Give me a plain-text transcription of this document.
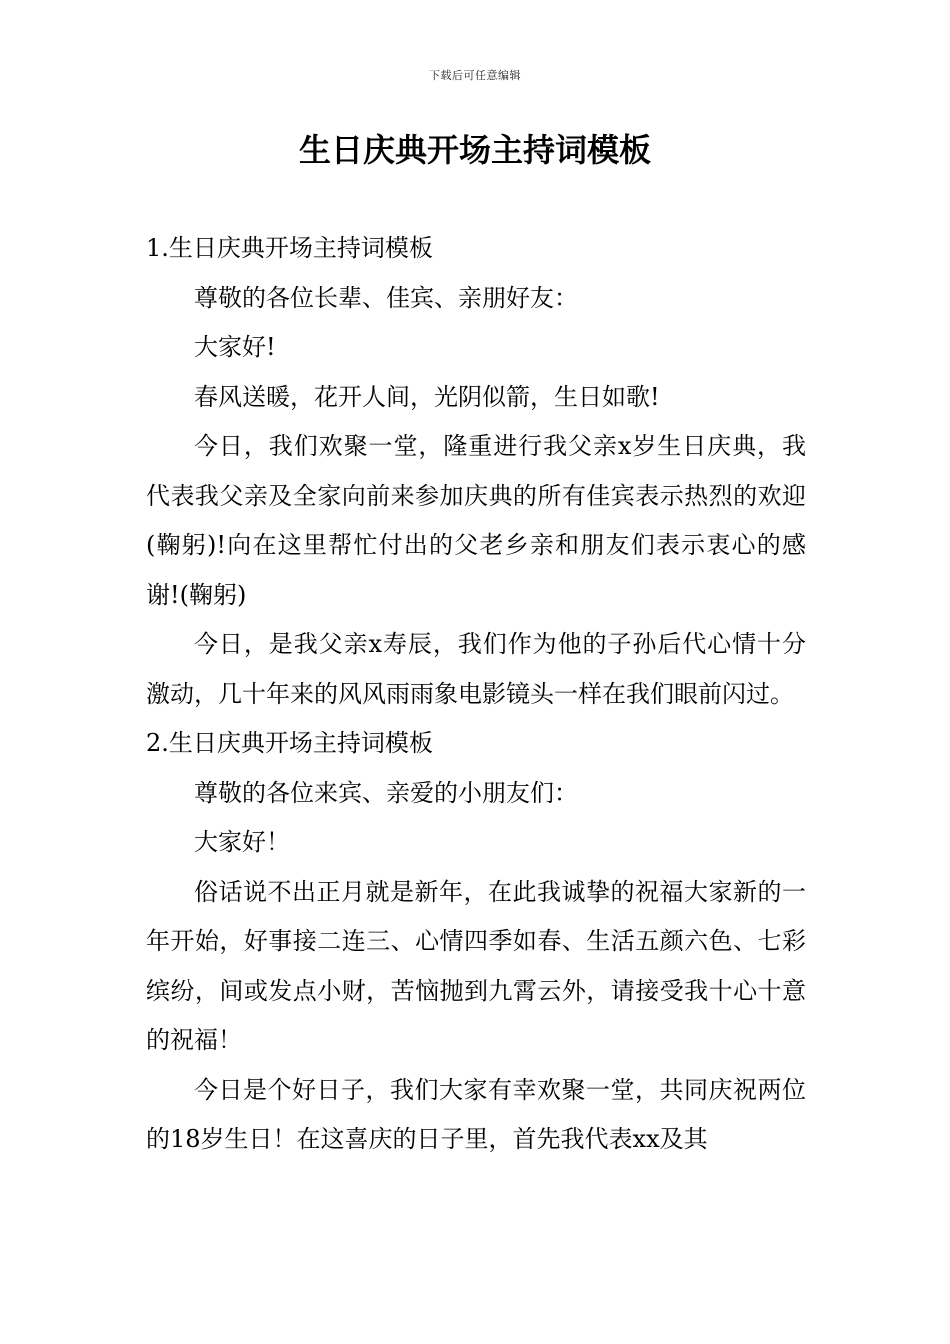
下载后可任意编辑
生日庆典开场主持词模板

1.生日庆典开场主持词模板

尊敬的各位长辈、佳宾、亲朋好友：

大家好!

春风送暖，花开人间，光阴似箭，生日如歌!

今日，我们欢聚一堂，隆重进行我父亲x岁生日庆典，我代表我父亲及全家向前来参加庆典的所有佳宾表示热烈的欢迎(鞠躬)!向在这里帮忙付出的父老乡亲和朋友们表示衷心的感谢!(鞠躬)

今日，是我父亲x寿辰，我们作为他的子孙后代心情十分激动，几十年来的风风雨雨象电影镜头一样在我们眼前闪过。

2.生日庆典开场主持词模板

尊敬的各位来宾、亲爱的小朋友们：

大家好！

俗话说不出正月就是新年，在此我诚挚的祝福大家新的一年开始，好事接二连三、心情四季如春、生活五颜六色、七彩缤纷，间或发点小财，苦恼抛到九霄云外，请接受我十心十意的祝福！

今日是个好日子，我们大家有幸欢聚一堂，共同庆祝两位的18岁生日！在这喜庆的日子里，首先我代表xx及其
